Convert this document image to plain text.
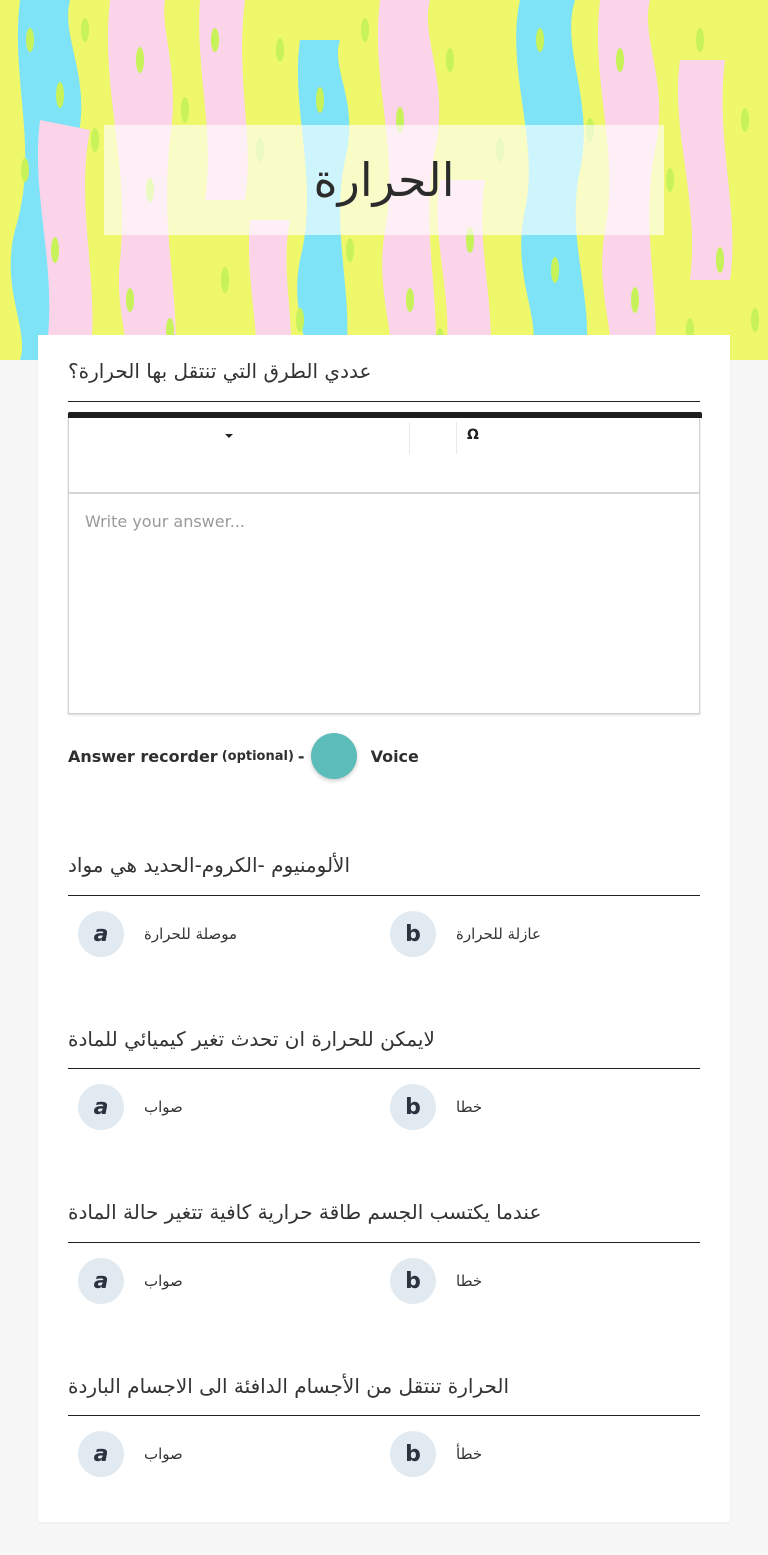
الحرارة
عددي الطرق التي تنتقل بها الحرارة؟
Ω
Write your answer...
Answer recorder (optional) -	Voice
الألومنيوم -الكروم-الحديد هي مواد
a	موصلة للحرارة	b	عازلة للحرارة
لايمكن للحرارة ان تحدث تغير كيميائي للمادة
a	صواب	b	خطا
عندما يكتسب الجسم طاقة حرارية كافية تتغير حالة المادة
a	صواب	b	خطا
الحرارة تنتقل من الأجسام الدافئة الى الاجسام الباردة
a	صواب	b	خطأ
